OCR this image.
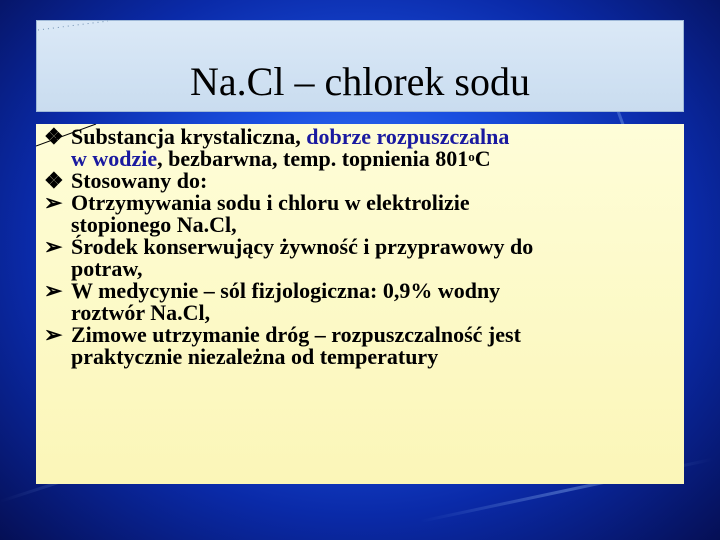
Na.Cl – chlorek sodu
❖ Substancja krystaliczna, dobrze rozpuszczalna
w wodzie, bezbarwna, temp. topnienia 801$^o$C
❖ Stosowany do:
➢ Otrzymywania sodu i chloru w elektrolizie
stopionego Na.Cl,
➢ Środek konserwujący żywność i przyprawowy do
potraw,
➢ W medycynie – sól fizjologiczna: 0,9% wodny
roztwór Na.Cl,
➢ Zimowe utrzymanie dróg – rozpuszczalność jest
praktycznie niezależna od temperatury
